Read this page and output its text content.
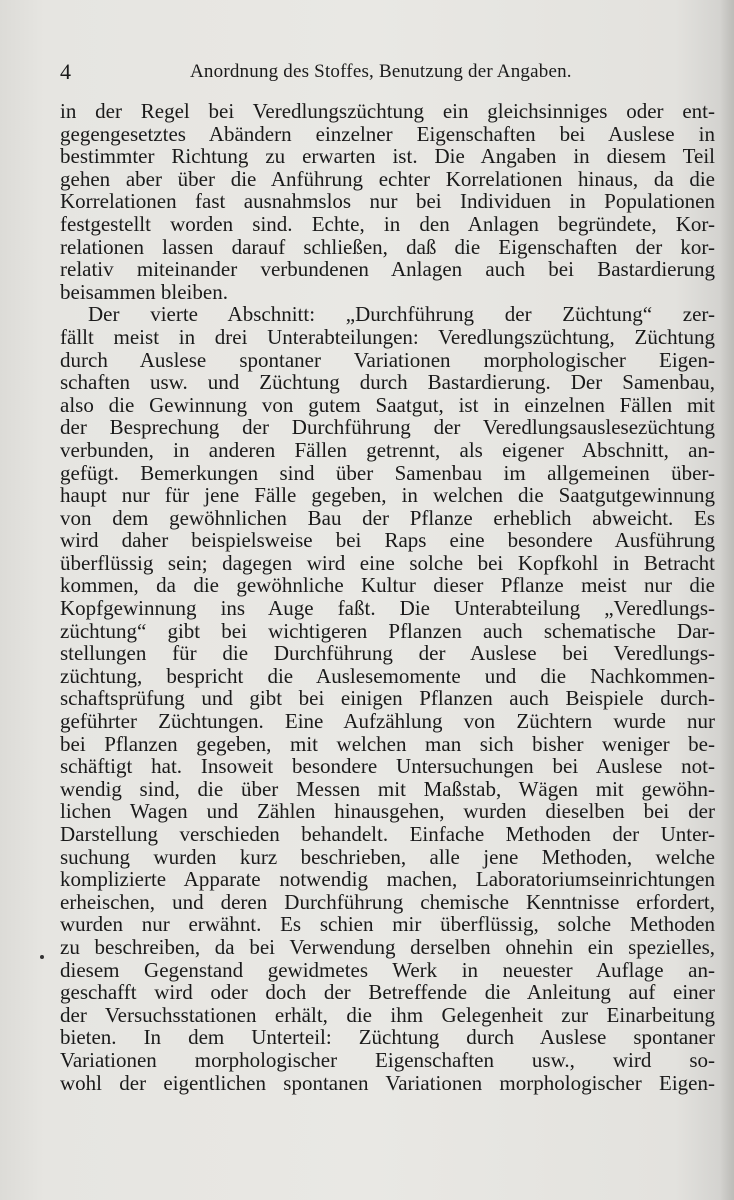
4	Anordnung des Stoffes, Benutzung der Angaben.
in der Regel bei Veredlungszüchtung ein gleichsinniges oder ent-
gegengesetztes Abändern einzelner Eigenschaften bei Auslese in
bestimmter Richtung zu erwarten ist. Die Angaben in diesem Teil
gehen aber über die Anführung echter Korrelationen hinaus, da die
Korrelationen fast ausnahmslos nur bei Individuen in Populationen
festgestellt worden sind. Echte, in den Anlagen begründete, Kor-
relationen lassen darauf schließen, daß die Eigenschaften der kor-
relativ miteinander verbundenen Anlagen auch bei Bastardierung
beisammen bleiben.
Der vierte Abschnitt: „Durchführung der Züchtung“ zer-
fällt meist in drei Unterabteilungen: Veredlungszüchtung, Züchtung
durch Auslese spontaner Variationen morphologischer Eigen-
schaften usw. und Züchtung durch Bastardierung. Der Samenbau,
also die Gewinnung von gutem Saatgut, ist in einzelnen Fällen mit
der Besprechung der Durchführung der Veredlungsauslesezüchtung
verbunden, in anderen Fällen getrennt, als eigener Abschnitt, an-
gefügt. Bemerkungen sind über Samenbau im allgemeinen über-
haupt nur für jene Fälle gegeben, in welchen die Saatgutgewinnung
von dem gewöhnlichen Bau der Pflanze erheblich abweicht. Es
wird daher beispielsweise bei Raps eine besondere Ausführung
überflüssig sein; dagegen wird eine solche bei Kopfkohl in Betracht
kommen, da die gewöhnliche Kultur dieser Pflanze meist nur die
Kopfgewinnung ins Auge faßt. Die Unterabteilung „Veredlungs-
züchtung“ gibt bei wichtigeren Pflanzen auch schematische Dar-
stellungen für die Durchführung der Auslese bei Veredlungs-
züchtung, bespricht die Auslesemomente und die Nachkommen-
schaftsprüfung und gibt bei einigen Pflanzen auch Beispiele durch-
geführter Züchtungen. Eine Aufzählung von Züchtern wurde nur
bei Pflanzen gegeben, mit welchen man sich bisher weniger be-
schäftigt hat. Insoweit besondere Untersuchungen bei Auslese not-
wendig sind, die über Messen mit Maßstab, Wägen mit gewöhn-
lichen Wagen und Zählen hinausgehen, wurden dieselben bei der
Darstellung verschieden behandelt. Einfache Methoden der Unter-
suchung wurden kurz beschrieben, alle jene Methoden, welche
komplizierte Apparate notwendig machen, Laboratoriumseinrichtungen
erheischen, und deren Durchführung chemische Kenntnisse erfordert,
wurden nur erwähnt. Es schien mir überflüssig, solche Methoden
zu beschreiben, da bei Verwendung derselben ohnehin ein spezielles,
diesem Gegenstand gewidmetes Werk in neuester Auflage an-
geschafft wird oder doch der Betreffende die Anleitung auf einer
der Versuchsstationen erhält, die ihm Gelegenheit zur Einarbeitung
bieten. In dem Unterteil: Züchtung durch Auslese spontaner
Variationen morphologischer Eigenschaften usw., wird so-
wohl der eigentlichen spontanen Variationen morphologischer Eigen-
